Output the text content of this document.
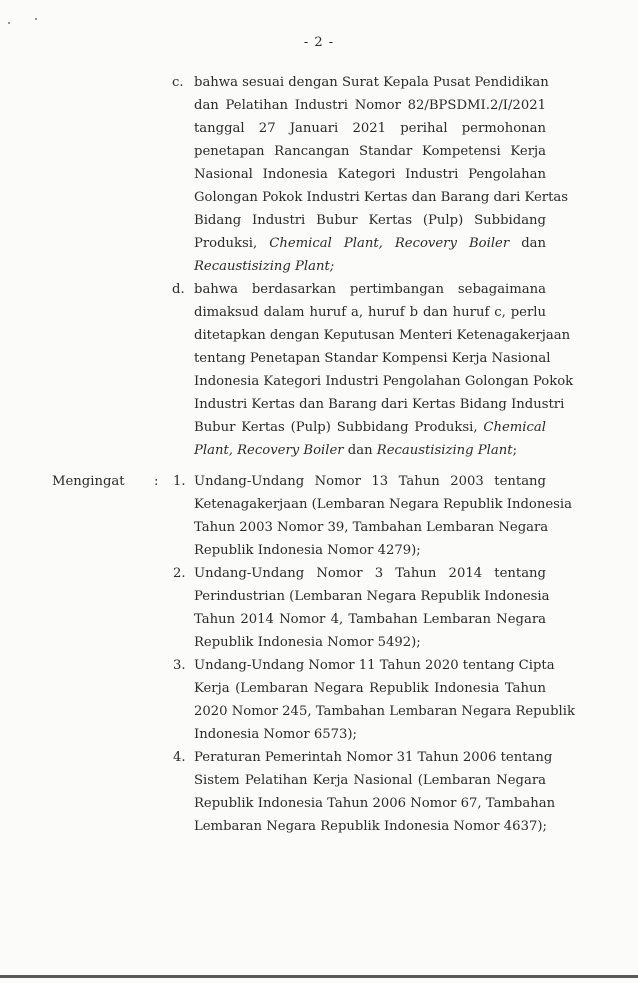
- 2 -
c. bahwa sesuai dengan Surat Kepala Pusat Pendidikan
dan Pelatihan Industri Nomor 82/BPSDMI.2/I/2021
tanggal 27 Januari 2021 perihal permohonan
penetapan Rancangan Standar Kompetensi Kerja
Nasional Indonesia Kategori Industri Pengolahan
Golongan Pokok Industri Kertas dan Barang dari Kertas
Bidang Industri Bubur Kertas (Pulp) Subbidang
Produksi, Chemical Plant, Recovery Boiler dan
Recaustisizing Plant;
d. bahwa berdasarkan pertimbangan sebagaimana
dimaksud dalam huruf a, huruf b dan huruf c, perlu
ditetapkan dengan Keputusan Menteri Ketenagakerjaan
tentang Penetapan Standar Kompensi Kerja Nasional
Indonesia Kategori Industri Pengolahan Golongan Pokok
Industri Kertas dan Barang dari Kertas Bidang Industri
Bubur Kertas (Pulp) Subbidang Produksi, Chemical
Plant, Recovery Boiler dan Recaustisizing Plant;
Mengingat : 1. Undang-Undang Nomor 13 Tahun 2003 tentang
Ketenagakerjaan (Lembaran Negara Republik Indonesia
Tahun 2003 Nomor 39, Tambahan Lembaran Negara
Republik Indonesia Nomor 4279);
2. Undang-Undang Nomor 3 Tahun 2014 tentang
Perindustrian (Lembaran Negara Republik Indonesia
Tahun 2014 Nomor 4, Tambahan Lembaran Negara
Republik Indonesia Nomor 5492);
3. Undang-Undang Nomor 11 Tahun 2020 tentang Cipta
Kerja (Lembaran Negara Republik Indonesia Tahun
2020 Nomor 245, Tambahan Lembaran Negara Republik
Indonesia Nomor 6573);
4. Peraturan Pemerintah Nomor 31 Tahun 2006 tentang
Sistem Pelatihan Kerja Nasional (Lembaran Negara
Republik Indonesia Tahun 2006 Nomor 67, Tambahan
Lembaran Negara Republik Indonesia Nomor 4637);
